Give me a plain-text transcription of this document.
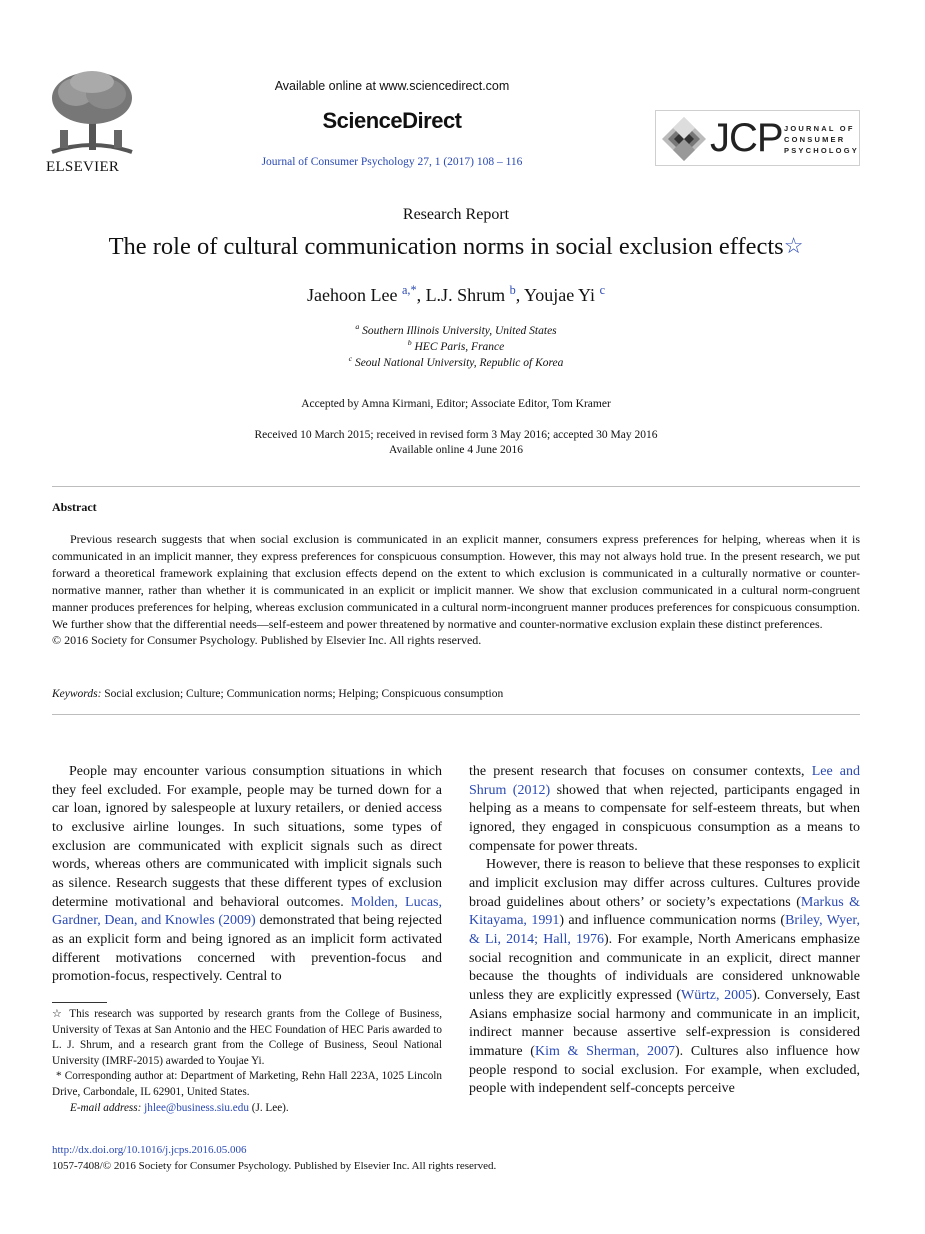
ELSEVIER
Available online at www.sciencedirect.com
ScienceDirect
Journal of Consumer Psychology 27, 1 (2017) 108 – 116
JCP JOURNAL OF
CONSUMER
PSYCHOLOGY
Research Report
The role of cultural communication norms in social exclusion effects☆
Jaehoon Lee $^{a,*}$, L.J. Shrum $^b$, Youjae Yi $^c$
$^a$ Southern Illinois University, United States
$^b$ HEC Paris, France
$^c$ Seoul National University, Republic of Korea
Accepted by Amna Kirmani, Editor; Associate Editor, Tom Kramer
Received 10 March 2015; received in revised form 3 May 2016; accepted 30 May 2016
Available online 4 June 2016
Abstract

Previous research suggests that when social exclusion is communicated in an explicit manner, consumers express preferences for helping, whereas when it is communicated in an implicit manner, they express preferences for conspicuous consumption. However, this may not always hold true. In the present research, we put forward a theoretical framework explaining that exclusion effects depend on the extent to which exclusion is communicated in a culturally normative or counter-normative manner, rather than whether it is communicated in an explicit or implicit manner. We show that exclusion communicated in a cultural norm-congruent manner produces preferences for helping, whereas exclusion communicated in a cultural norm-incongruent manner produces preferences for conspicuous consumption. We further show that the differential needs—self-esteem and power threatened by normative and counter-normative exclusion explain these distinct preferences.

© 2016 Society for Consumer Psychology. Published by Elsevier Inc. All rights reserved.

Keywords: Social exclusion; Culture; Communication norms; Helping; Conspicuous consumption

People may encounter various consumption situations in which they feel excluded. For example, people may be turned down for a car loan, ignored by salespeople at luxury retailers, or denied access to exclusive airline lounges. In such situations, some types of exclusion are communicated with explicit signals such as direct words, whereas others are communicated with implicit signals such as silence. Research suggests that these different types of exclusion determine motivational and behavioral outcomes. Molden, Lucas, Gardner, Dean, and Knowles (2009) demonstrated that being rejected as an explicit form and being ignored as an implicit form activated different motivations concerned with prevention-focus and promotion-focus, respectively. Central to

☆ This research was supported by research grants from the College of Business, University of Texas at San Antonio and the HEC Foundation of HEC Paris awarded to L. J. Shrum, and a research grant from the College of Business, Seoul National University (IMRF-2015) awarded to Youjae Yi.

* Corresponding author at: Department of Marketing, Rehn Hall 223A, 1025 Lincoln Drive, Carbondale, IL 62901, United States.

E-mail address: jhlee@business.siu.edu (J. Lee).

the present research that focuses on consumer contexts, Lee and Shrum (2012) showed that when rejected, participants engaged in helping as a means to compensate for self-esteem threats, but when ignored, they engaged in conspicuous consumption as a means to compensate for power threats.

However, there is reason to believe that these responses to explicit and implicit exclusion may differ across cultures. Cultures provide broad guidelines about others’ or society’s expectations (Markus & Kitayama, 1991) and influence communication norms (Briley, Wyer, & Li, 2014; Hall, 1976). For example, North Americans emphasize social recognition and communicate in an explicit, direct manner because the thoughts of individuals are considered unknowable unless they are explicitly expressed (Würtz, 2005). Conversely, East Asians emphasize social harmony and communicate in an implicit, indirect manner because assertive self-expression is considered immature (Kim & Sherman, 2007). Cultures also influence how people respond to social exclusion. For example, when excluded, people with independent self-concepts perceive

http://dx.doi.org/10.1016/j.jcps.2016.05.006
1057-7408/© 2016 Society for Consumer Psychology. Published by Elsevier Inc. All rights reserved.
